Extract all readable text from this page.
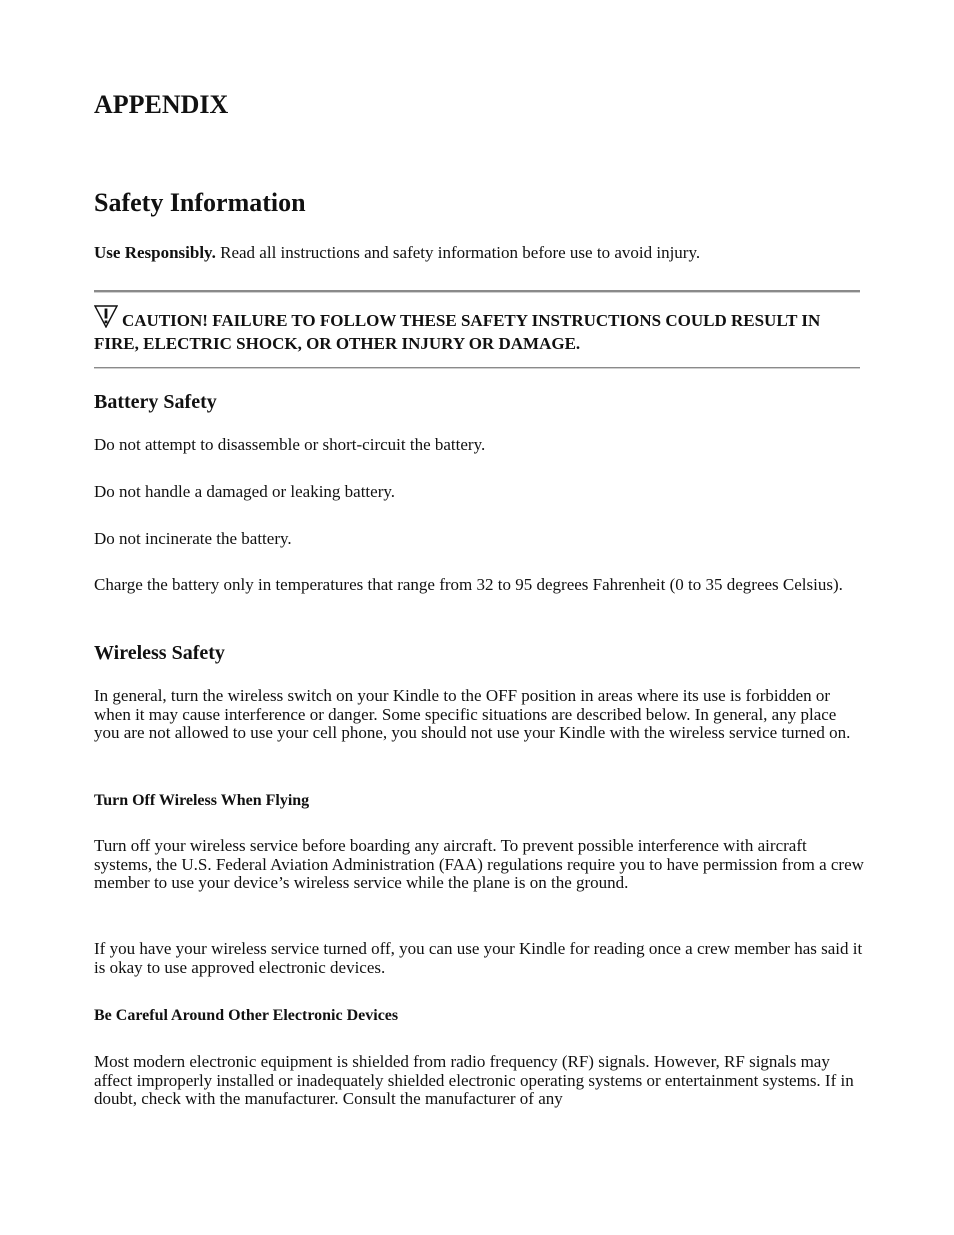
APPENDIX
Safety Information

Use Responsibly. Read all instructions and safety information before use to avoid injury.

CAUTION! FAILURE TO FOLLOW THESE SAFETY INSTRUCTIONS COULD RESULT IN FIRE, ELECTRIC SHOCK, OR OTHER INJURY OR DAMAGE.

Battery Safety

Do not attempt to disassemble or short-circuit the battery.

Do not handle a damaged or leaking battery.

Do not incinerate the battery.

Charge the battery only in temperatures that range from 32 to 95 degrees Fahrenheit (0 to 35 degrees Celsius).

Wireless Safety

In general, turn the wireless switch on your Kindle to the OFF position in areas where its use is forbidden or when it may cause interference or danger. Some specific situations are described below. In general, any place you are not allowed to use your cell phone, you should not use your Kindle with the wireless service turned on.

Turn Off Wireless When Flying

Turn off your wireless service before boarding any aircraft. To prevent possible interference with aircraft systems, the U.S. Federal Aviation Administration (FAA) regulations require you to have permission from a crew member to use your device’s wireless service while the plane is on the ground.

If you have your wireless service turned off, you can use your Kindle for reading once a crew member has said it is okay to use approved electronic devices.

Be Careful Around Other Electronic Devices

Most modern electronic equipment is shielded from radio frequency (RF) signals. However, RF signals may affect improperly installed or inadequately shielded electronic operating systems or entertainment systems. If in doubt, check with the manufacturer. Consult the manufacturer of any
